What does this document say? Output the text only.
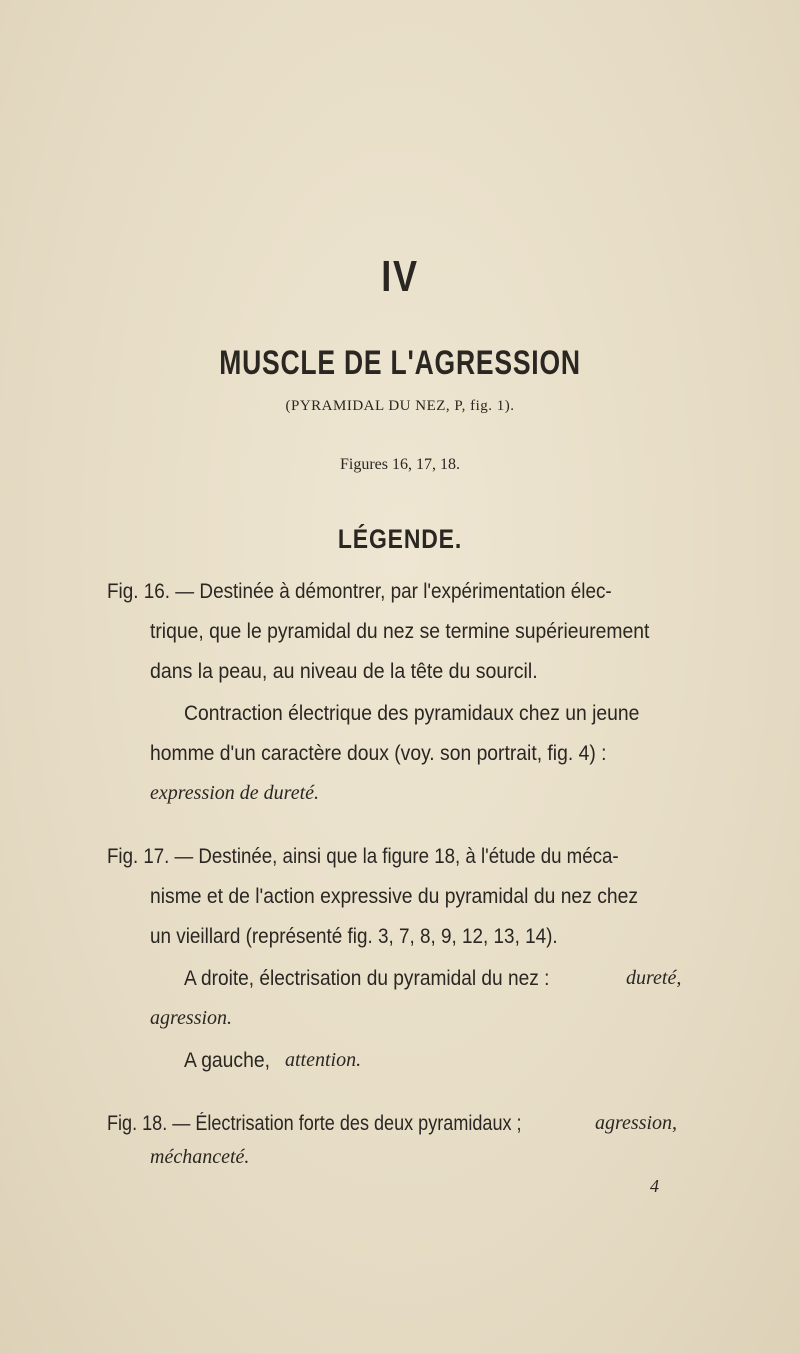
IV
MUSCLE DE L'AGRESSION
(PYRAMIDAL DU NEZ, P, fig. 1).
Figures 16, 17, 18.
LÉGENDE.
Fig. 16. — Destinée à démontrer, par l'expérimentation élec-
trique, que le pyramidal du nez se termine supérieurement
dans la peau, au niveau de la tête du sourcil.
Contraction électrique des pyramidaux chez un jeune
homme d'un caractère doux (voy. son portrait, fig. 4) :
expression de dureté.
Fig. 17. — Destinée, ainsi que la figure 18, à l'étude du méca-
nisme et de l'action expressive du pyramidal du nez chez
un vieillard (représenté fig. 3, 7, 8, 9, 12, 13, 14).
A droite, électrisation du pyramidal du nez :	dureté,
agression.
A gauche, attention.
Fig. 18. — Électrisation forte des deux pyramidaux ;	agression,
méchanceté.
4
